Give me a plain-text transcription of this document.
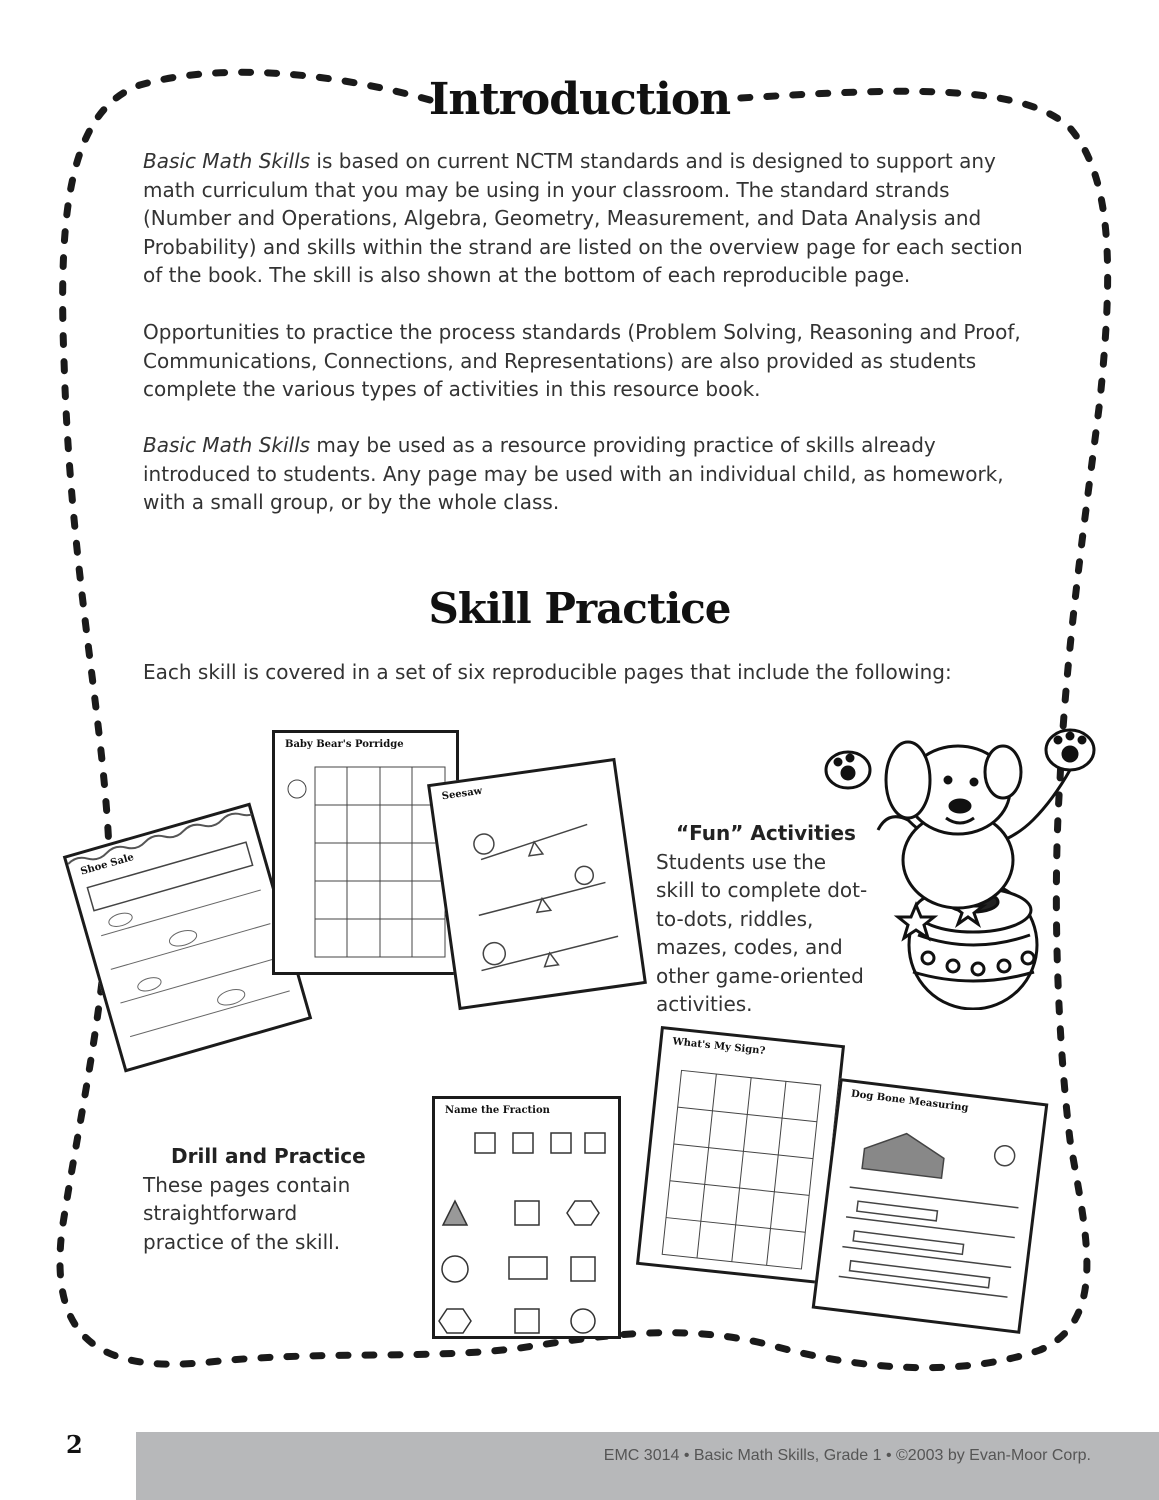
Introduction
Basic Math Skills is based on current NCTM standards and is designed to support any math curriculum that you may be using in your classroom. The standard strands (Number and Operations, Algebra, Geometry, Measurement, and Data Analysis and Probability) and skills within the strand are listed on the overview page for each section of the book. The skill is also shown at the bottom of each reproducible page.
Opportunities to practice the process standards (Problem Solving, Reasoning and Proof, Communications, Connections, and Representations) are also provided as students complete the various types of activities in this resource book.
Basic Math Skills may be used as a resource providing practice of skills already introduced to students. Any page may be used with an individual child, as homework, with a small group, or by the whole class.
Skill Practice
Each skill is covered in a set of six reproducible pages that include the following:
Shoe Sale
Baby Bear's Porridge
Seesaw
Name the Fraction
What's My Sign?
Dog Bone Measuring
“Fun” Activities
Students use the skill to complete dot-to-dots, riddles, mazes, codes, and other game-oriented activities.
Drill and Practice
These pages contain straightforward practice of the skill.
2	EMC 3014 • Basic Math Skills, Grade 1 • ©2003 by Evan-Moor Corp.
